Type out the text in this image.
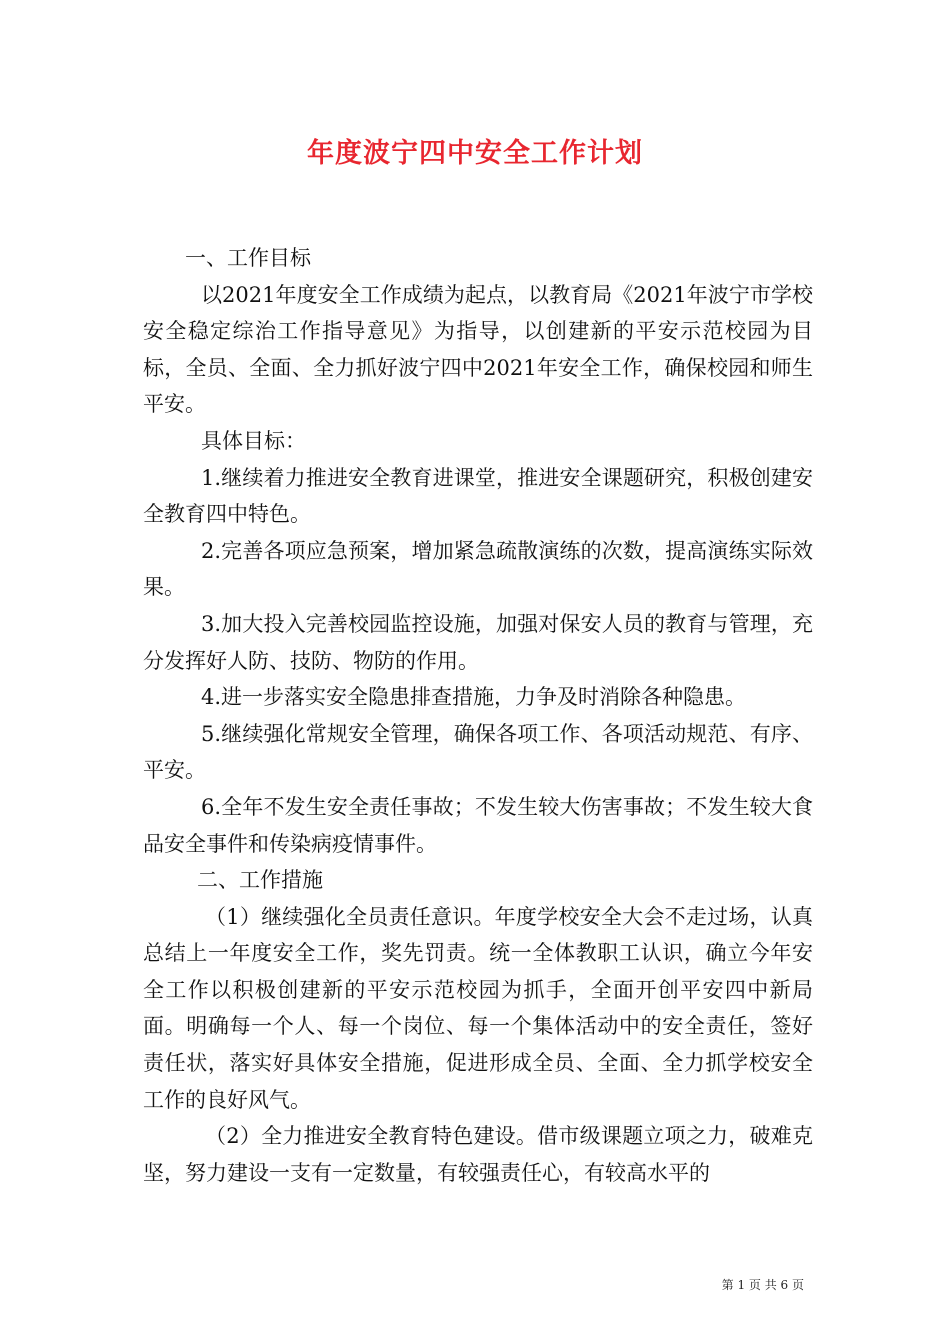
年度波宁四中安全工作计划

一、工作目标

以2021年度安全工作成绩为起点，以教育局《2021年波宁市学校安全稳定综治工作指导意见》为指导，以创建新的平安示范校园为目标，全员、全面、全力抓好波宁四中2021年安全工作，确保校园和师生平安。

具体目标：

1.继续着力推进安全教育进课堂，推进安全课题研究，积极创建安全教育四中特色。

2.完善各项应急预案，增加紧急疏散演练的次数，提高演练实际效果。

3.加大投入完善校园监控设施，加强对保安人员的教育与管理，充分发挥好人防、技防、物防的作用。

4.进一步落实安全隐患排查措施，力争及时消除各种隐患。

5.继续强化常规安全管理，确保各项工作、各项活动规范、有序、平安。

6.全年不发生安全责任事故；不发生较大伤害事故；不发生较大食品安全事件和传染病疫情事件。

二、工作措施

（1）继续强化全员责任意识。年度学校安全大会不走过场，认真总结上一年度安全工作，奖先罚责。统一全体教职工认识，确立今年安全工作以积极创建新的平安示范校园为抓手，全面开创平安四中新局面。明确每一个人、每一个岗位、每一个集体活动中的安全责任，签好责任状，落实好具体安全措施，促进形成全员、全面、全力抓学校安全工作的良好风气。

（2）全力推进安全教育特色建设。借市级课题立项之力，破难克坚，努力建设一支有一定数量，有较强责任心，有较高水平的

第 1 页 共 6 页
